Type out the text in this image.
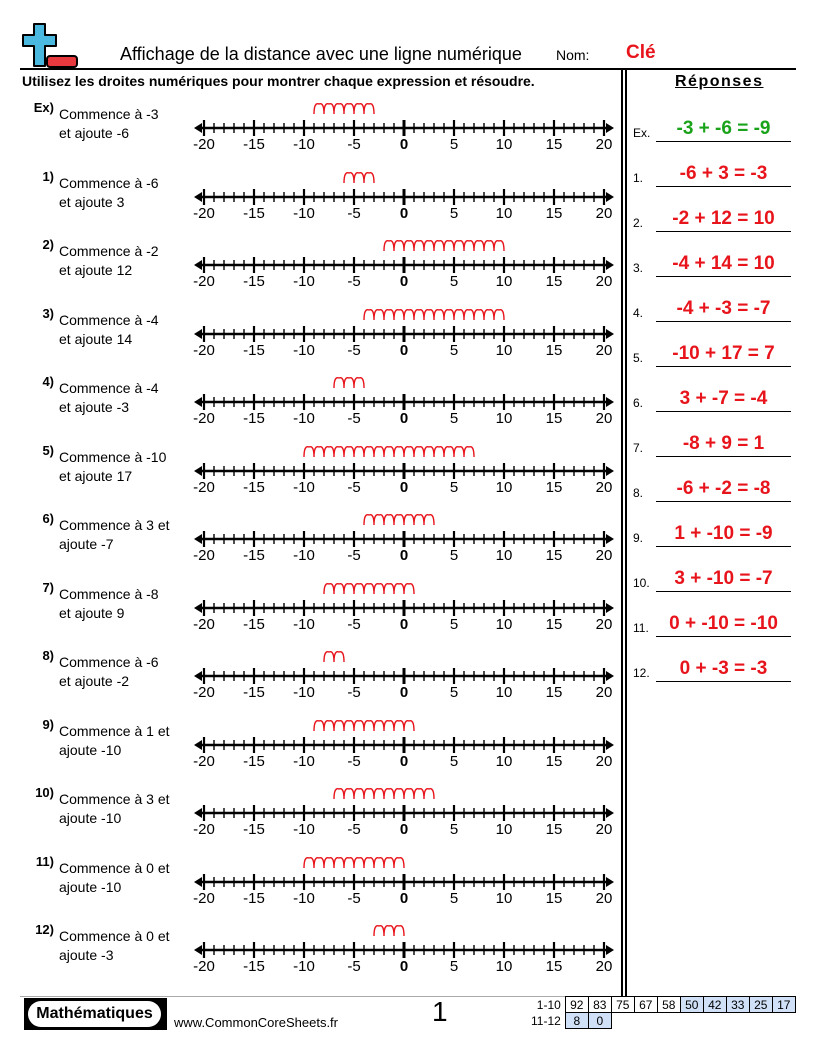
Affichage de la distance avec une ligne numérique Nom: Clé
Utilisez les droites numériques pour montrer chaque expression et résoudre.	Réponses
Ex) Commence à -3
et ajoute -6
-20 -15 -10 -5	0	5 10 15 20
1) Commence à -6
et ajoute 3
-20 -15 -10 -5	0	5 10 15 20
2) Commence à -2
et ajoute 12
-20 -15 -10 -5	0	5 10 15 20
3) Commence à -4
et ajoute 14
-20 -15 -10 -5	0	5 10 15 20
4) Commence à -4
et ajoute -3
-20 -15 -10 -5	0	5 10 15 20
5) Commence à -10
et ajoute 17
-20 -15 -10 -5	0	5 10 15 20
6) Commence à 3 et
ajoute -7
-20 -15 -10 -5	0	5 10 15 20
7) Commence à -8
et ajoute 9
-20 -15 -10 -5	0	5 10 15 20
8) Commence à -6
et ajoute -2
-20 -15 -10 -5	0	5 10 15 20
9) Commence à 1 et
ajoute -10
-20 -15 -10 -5	0	5 10 15 20
10) Commence à 3 et
ajoute -10
-20 -15 -10 -5	0	5 10 15 20
11) Commence à 0 et
ajoute -10
-20 -15 -10 -5	0	5 10 15 20
12) Commence à 0 et
ajoute -3
-20 -15 -10 -5	0	5 10 15 20
Ex.	-3 + -6 = -9
1.	-6 + 3 = -3
2.	-2 + 12 = 10
3.	-4 + 14 = 10
4.	-4 + -3 = -7
5.	-10 + 17 = 7
6.	3 + -7 = -4
7.	-8 + 9 = 1
8.	-6 + -2 = -8
9.	1 + -10 = -9
10.	3 + -10 = -7
11.	0 + -10 = -10
12.	0 + -3 = -3
Mathématiques
www.CommonCoreSheets.fr	1	1-10	92	83	75	67	58	50	42	33	25	17
11-12	8	0								
